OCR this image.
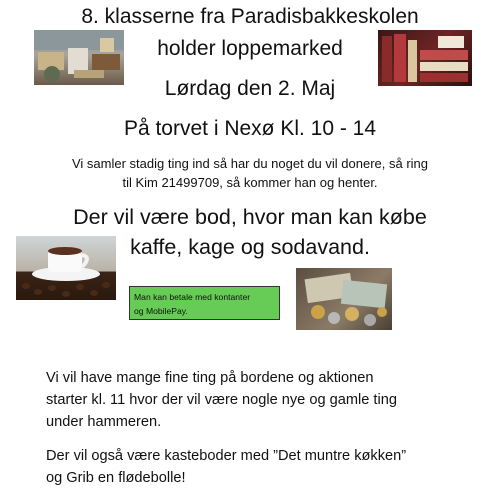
8. klasserne fra Paradisbakkeskolen
holder loppemarked
Lørdag den 2. Maj
På torvet i Nexø Kl. 10 - 14
Vi samler stadig ting ind så har du noget du vil donere, så ring
til Kim 21499709, så kommer han og henter.
Der vil være bod, hvor man kan købe
kaffe, kage og sodavand.
Man kan betale med kontanter
og MobilePay.
Vi vil have mange fine ting på bordene og aktionen
starter kl. 11 hvor der vil være nogle nye og gamle ting
under hammeren.
Der vil også være kasteboder med ”Det muntre køkken”
og Grib en flødebolle!
